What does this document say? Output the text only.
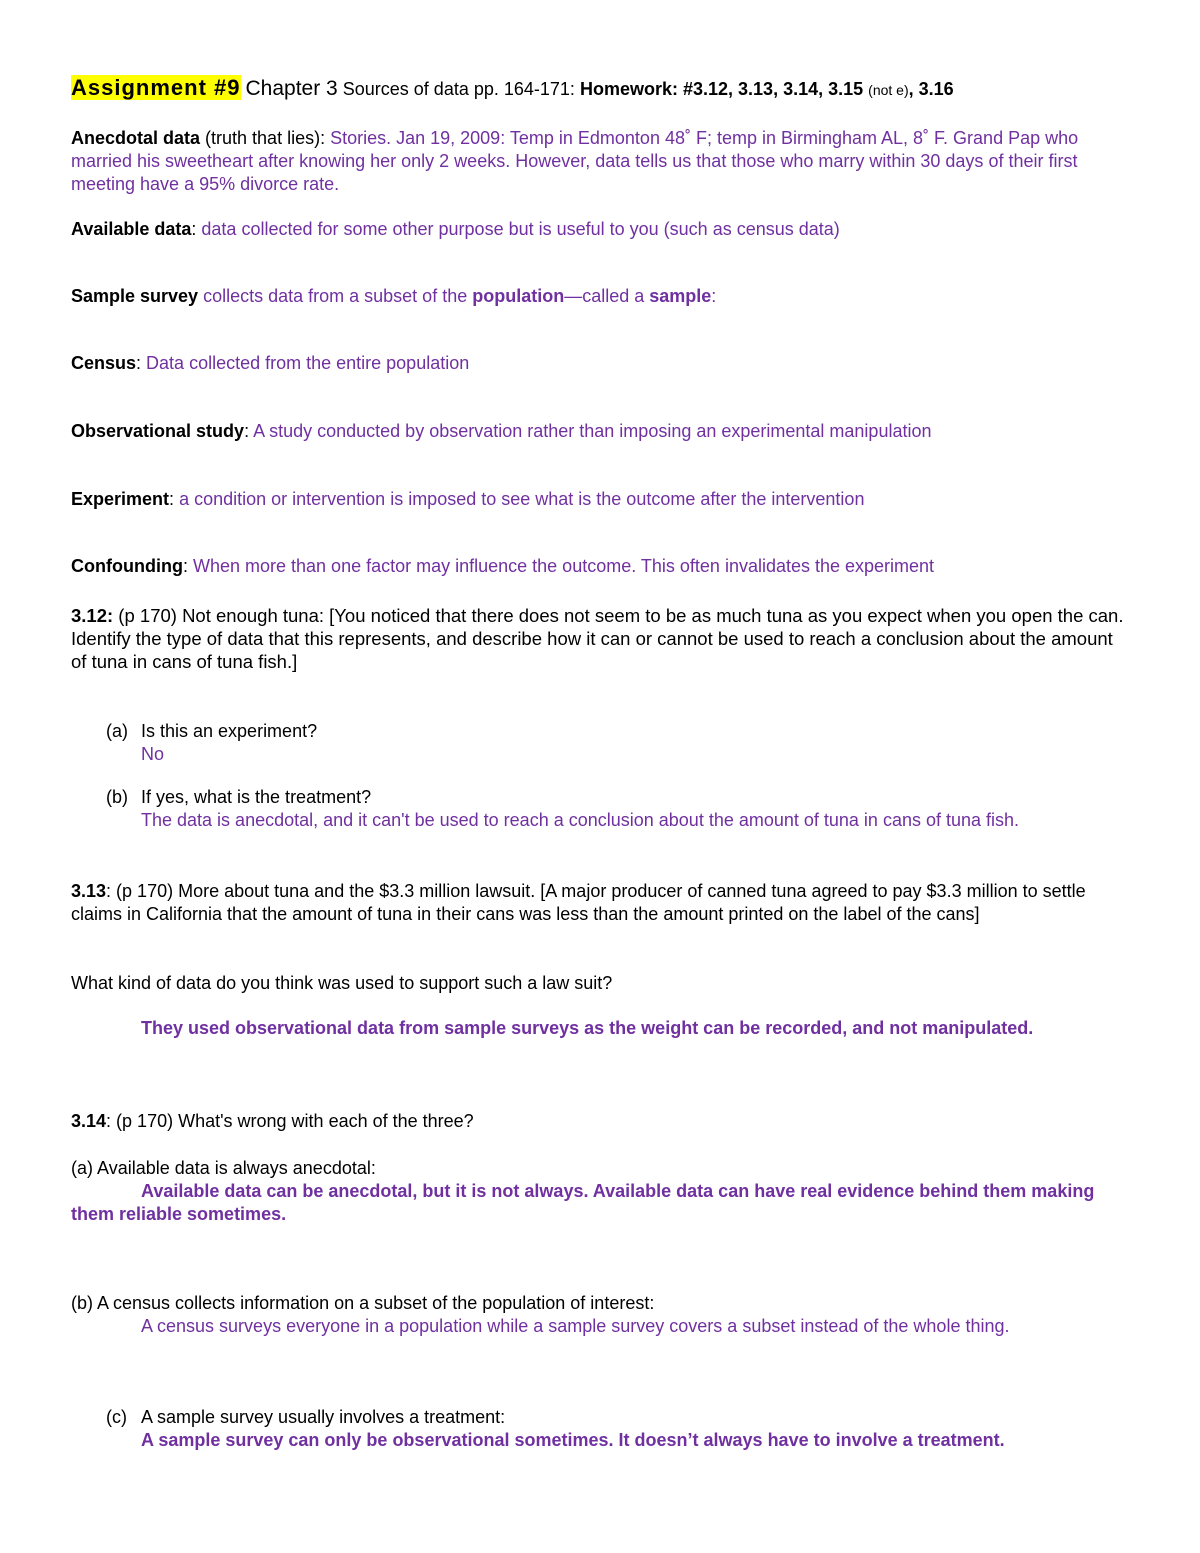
Assignment #9 Chapter 3 Sources of data pp. 164-171: Homework: #3.12, 3.13, 3.14, 3.15 (not e), 3.16

Anecdotal data (truth that lies): Stories. Jan 19, 2009: Temp in Edmonton 48˚ F; temp in Birmingham AL, 8˚ F. Grand Pap who married his sweetheart after knowing her only 2 weeks. However, data tells us that those who marry within 30 days of their first meeting have a 95% divorce rate.

Available data: data collected for some other purpose but is useful to you (such as census data)

Sample survey collects data from a subset of the population—called a sample:

Census: Data collected from the entire population

Observational study: A study conducted by observation rather than imposing an experimental manipulation

Experiment: a condition or intervention is imposed to see what is the outcome after the intervention

Confounding: When more than one factor may influence the outcome. This often invalidates the experiment

3.12: (p 170) Not enough tuna: [You noticed that there does not seem to be as much tuna as you expect when you open the can. Identify the type of data that this represents, and describe how it can or cannot be used to reach a conclusion about the amount of tuna in cans of tuna fish.]

(a) Is this an experiment?

No

(b) If yes, what is the treatment?

The data is anecdotal, and it can't be used to reach a conclusion about the amount of tuna in cans of tuna fish.

3.13: (p 170) More about tuna and the $3.3 million lawsuit. [A major producer of canned tuna agreed to pay $3.3 million to settle claims in California that the amount of tuna in their cans was less than the amount printed on the label of the cans]

What kind of data do you think was used to support such a law suit?

They used observational data from sample surveys as the weight can be recorded, and not manipulated.

3.14: (p 170) What's wrong with each of the three?

(a) Available data is always anecdotal:

Available data can be anecdotal, but it is not always. Available data can have real evidence behind them making them reliable sometimes.

(b) A census collects information on a subset of the population of interest:

A census surveys everyone in a population while a sample survey covers a subset instead of the whole thing.

(c) A sample survey usually involves a treatment:

A sample survey can only be observational sometimes. It doesn’t always have to involve a treatment.
